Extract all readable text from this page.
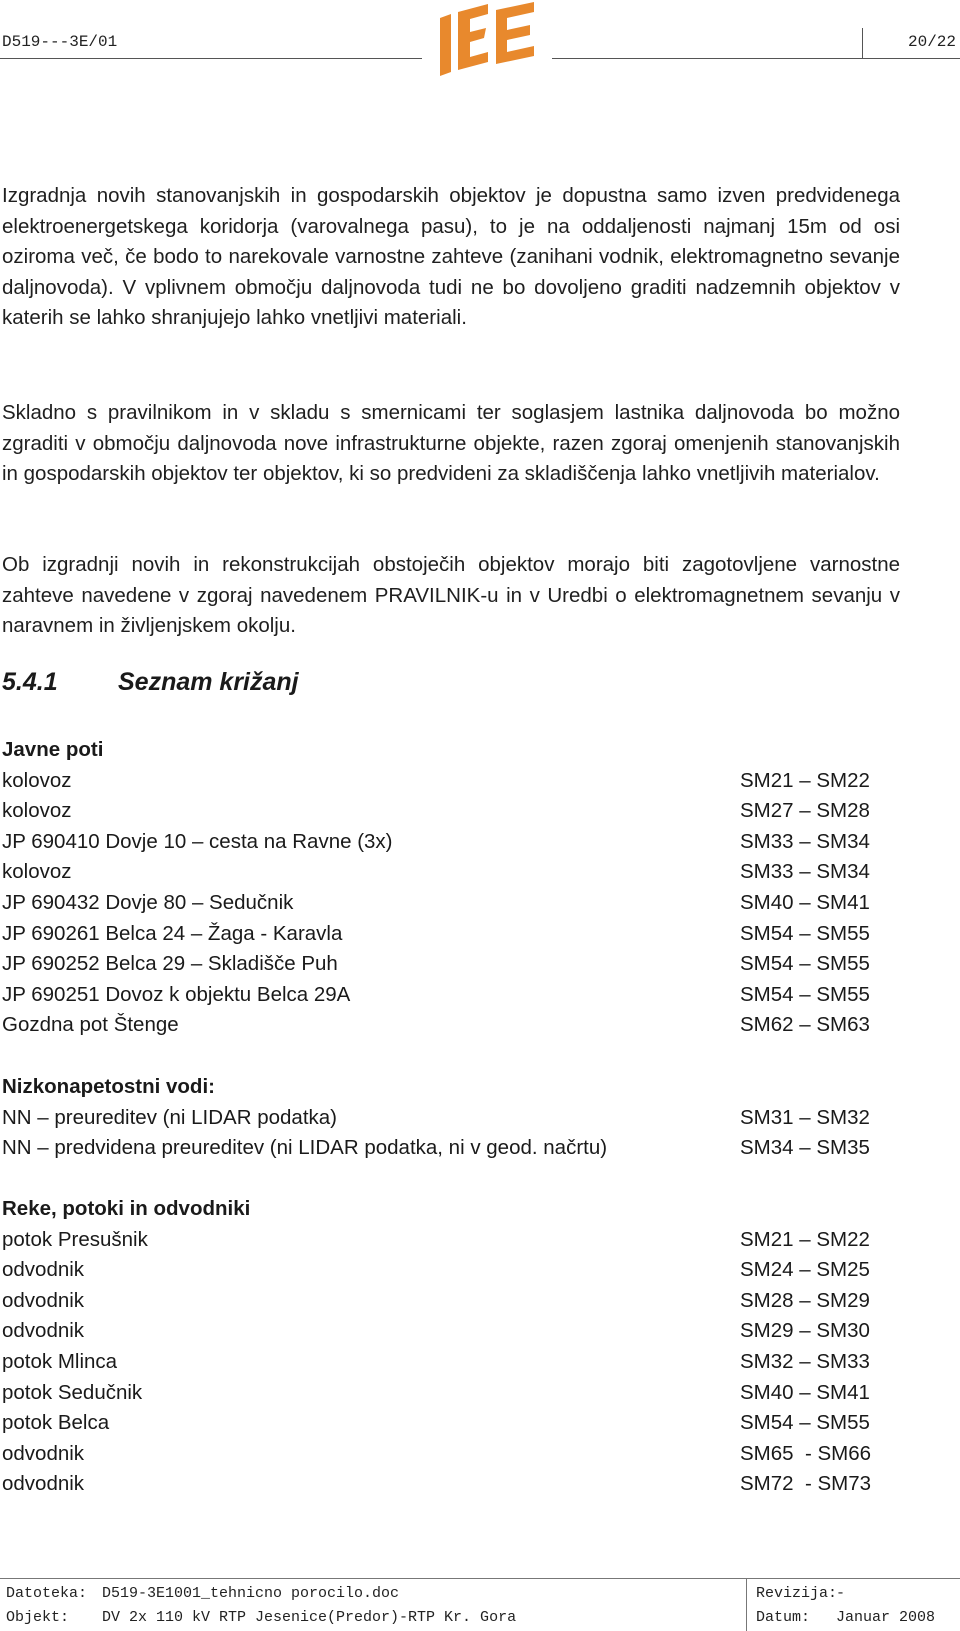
D519---3E/01	20/22

Izgradnja novih stanovanjskih in gospodarskih objektov je dopustna samo izven predvidenega elektroenergetskega koridorja (varovalnega pasu), to je na oddaljenosti najmanj 15m od osi oziroma več, če bodo to narekovale varnostne zahteve (zanihani vodnik, elektromagnetno sevanje daljnovoda). V vplivnem območju daljnovoda tudi ne bo dovoljeno graditi nadzemnih objektov v katerih se lahko shranjujejo lahko vnetljivi materiali.

Skladno s pravilnikom in v skladu s smernicami ter soglasjem lastnika daljnovoda bo možno zgraditi v območju daljnovoda nove infrastrukturne objekte, razen zgoraj omenjenih stanovanjskih in gospodarskih objektov ter objektov, ki so predvideni za skladiščenja lahko vnetljivih materialov.

Ob izgradnji novih in rekonstrukcijah obstoječih objektov morajo biti zagotovljene varnostne zahteve navedene v zgoraj navedenem PRAVILNIK-u in v Uredbi o elektromagnetnem sevanju v naravnem in življenjskem okolju.

5.4.1 Seznam križanj
Javne poti
kolovoz	SM21 – SM22
kolovoz	SM27 – SM28
JP 690410 Dovje 10 – cesta na Ravne (3x)	SM33 – SM34
kolovoz	SM33 – SM34
JP 690432 Dovje 80 – Sedučnik	SM40 – SM41
JP 690261 Belca 24 – Žaga - Karavla	SM54 – SM55
JP 690252 Belca 29 – Skladišče Puh	SM54 – SM55
JP 690251 Dovoz k objektu Belca 29A	SM54 – SM55
Gozdna pot Štenge	SM62 – SM63
Nizkonapetostni vodi:
NN – preureditev (ni LIDAR podatka)	SM31 – SM32
NN – predvidena preureditev (ni LIDAR podatka, ni v geod. načrtu)	SM34 – SM35
Reke, potoki in odvodniki
potok Presušnik	SM21 – SM22
odvodnik	SM24 – SM25
odvodnik	SM28 – SM29
odvodnik	SM29 – SM30
potok Mlinca	SM32 – SM33
potok Sedučnik	SM40 – SM41
potok Belca	SM54 – SM55
odvodnik	SM65  - SM66
odvodnik	SM72  - SM73
Datoteka: D519-3E1001_tehnicno porocilo.doc
Objekt: DV 2x 110 kV RTP Jesenice(Predor)-RTP Kr. Gora
Revizija:
-
Datum: Januar 2008
